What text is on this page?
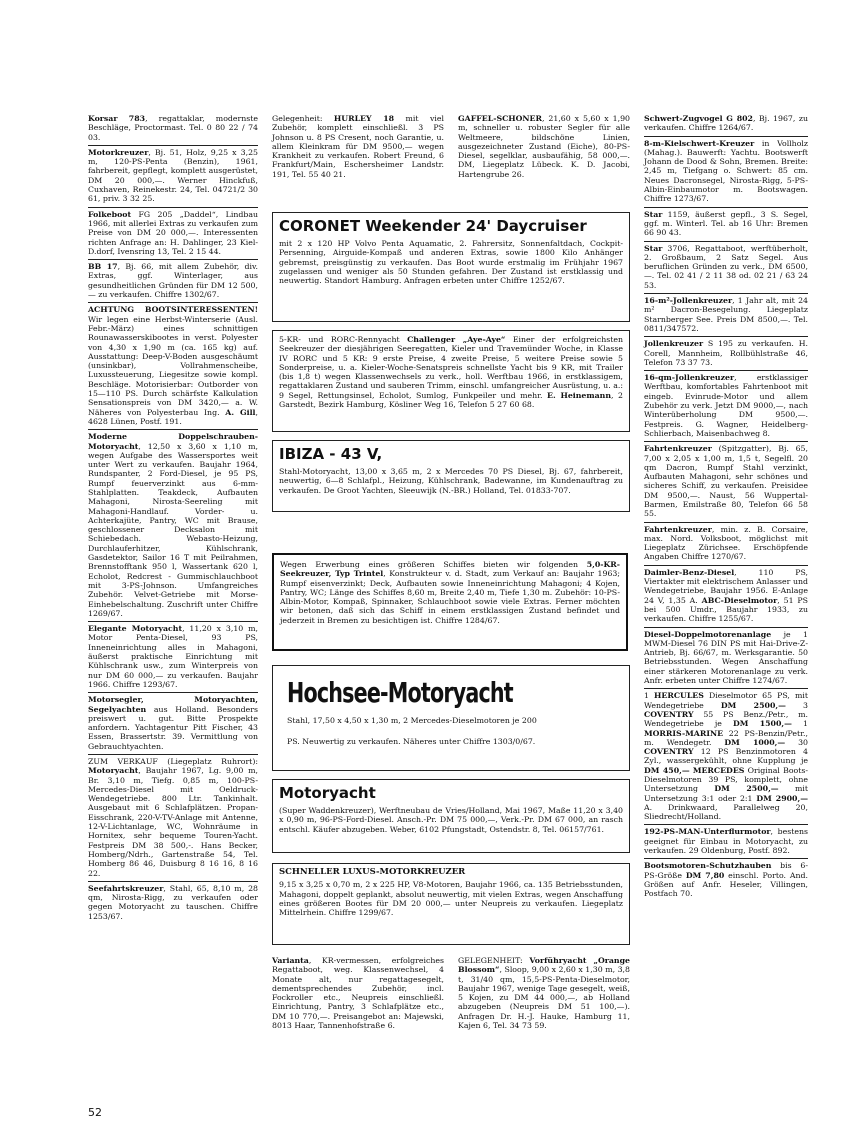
Korsar 783, regattaklar, modernste Beschläge, Proctormast. Tel. 0 80 22 / 74 03.
Motorkreuzer, Bj. 51, Holz, 9,25 x 3,25 m, 120-PS-Penta (Benzin), 1961, fahrbereit, gepflegt, komplett ausgerüstet, DM 20 000,—. Werner Hinckfuß, Cuxhaven, Reinekestr. 24, Tel. 04721/2 30 61, priv. 3 32 25.
Folkeboot FG 205 „Daddel“, Lindbau 1966, mit allerlei Extras zu verkaufen zum Preise von DM 20 000,—. Interessenten richten Anfrage an: H. Dahlinger, 23 Kiel-D.dorf, Ivensring 13, Tel. 2 15 44.
BB 17, Bj. 66, mit allem Zubehör, div. Extras, ggf. Winterlager, aus gesundheitlichen Gründen für DM 12 500,— zu verkaufen. Chiffre 1302/67.
ACHTUNG BOOTSINTERESSENTEN! Wir legen eine Herbst-Winterserie (Ausl. Febr.-März) eines schnittigen Rounawasserskibootes in verst. Polyester von 4,30 x 1,90 m (ca. 165 kg) auf. Ausstattung: Deep-V-Boden ausgeschäumt (unsinkbar), Vollrahmenscheibe, Luxussteuerung, Liegesitze sowie kompl. Beschläge. Motorisierbar: Outborder von 15—110 PS. Durch schärfste Kalkulation Sensationspreis von DM 3420,— a. W. Näheres von Polyesterbau Ing. A. Gill, 4628 Lünen, Postf. 191.
Moderne Doppelschrauben-Motoryacht, 12,50 x 3,60 x 1,10 m, wegen Aufgabe des Wassersportes weit unter Wert zu verkaufen. Baujahr 1964, Rundspanter, 2 Ford-Diesel, je 95 PS, Rumpf feuerverzinkt aus 6-mm-Stahlplatten. Teakdeck, Aufbauten Mahagoni, Nirosta-Seereling mit Mahagoni-Handlauf. Vorder- u. Achterkajüte, Pantry, WC mit Brause, geschlossener Decksalon mit Schiebedach. Webasto-Heizung, Durchlauferhitzer, Kühlschrank, Gasdetektor, Sailor 16 T mit Peilrahmen, Brennstofftank 950 l, Wassertank 620 l, Echolot, Redcrest - Gummischlauchboot mit 3-PS-Johnson. Umfangreiches Zubehör. Velvet-Getriebe mit Morse-Einhebelschaltung. Zuschrift unter Chiffre 1269/67.
Elegante Motoryacht, 11,20 x 3,10 m, Motor Penta-Diesel, 93 PS, Inneneinrichtung alles in Mahagoni, äußerst praktische Einrichtung mit Kühlschrank usw., zum Winterpreis von nur DM 60 000,— zu verkaufen. Baujahr 1966. Chiffre 1293/67.
Motorsegler, Motoryachten, Segelyachten aus Holland. Besonders preiswert u. gut. Bitte Prospekte anfordern. Yachtagentur Pitt Fischer, 43 Essen, Brassertstr. 39. Vermittlung von Gebrauchtyachten.
ZUM VERKAUF (Liegeplatz Ruhrort): Motoryacht, Baujahr 1967, Lg. 9,00 m, Br. 3,10 m, Tiefg. 0,85 m, 100-PS-Mercedes-Diesel mit Oeldruck-Wendegetriebe. 800 Ltr. Tankinhalt. Ausgebaut mit 6 Schlafplätzen. Propan-Eisschrank, 220-V-TV-Anlage mit Antenne, 12-V-Lichtanlage, WC, Wohnräume in Hornitex, sehr bequeme Touren-Yacht. Festpreis DM 38 500,-. Hans Becker, Homberg/Ndrh., Gartenstraße 54, Tel. Homberg 86 46, Duisburg 8 16 16, 8 16 22.
Seefahrtskreuzer, Stahl, 65, 8,10 m, 28 qm, Nirosta-Rigg, zu verkaufen oder gegen Motoryacht zu tauschen. Chiffre 1253/67.
Gelegenheit: HURLEY 18 mit viel Zubehör, komplett einschließl. 3 PS Johnson u. 8 PS Cresent, noch Garantie, u. allem Kleinkram für DM 9500,— wegen Krankheit zu verkaufen. Robert Freund, 6 Frankfurt/Main, Eschersheimer Landstr. 191, Tel. 55 40 21.
GAFFEL-SCHONER, 21,60 x 5,60 x 1,90 m, schneller u. robuster Segler für alle Weltmeere, bildschöne Linien, ausgezeichneter Zustand (Eiche), 80-PS-Diesel, segelklar, ausbaufähig, 58 000,—. DM, Liegeplatz Lübeck. K. D. Jacobi, Hartengrube 26.
CORONET Weekender 24' Daycruiser
mit 2 x 120 HP Volvo Penta Aquamatic, 2. Fahrersitz, Sonnenfaltdach, Cockpit-Persenning, Airguide-Kompaß und anderen Extras, sowie 1800 Kilo Anhänger gebremst, preisgünstig zu verkaufen. Das Boot wurde erstmalig im Frühjahr 1967 zugelassen und weniger als 50 Stunden gefahren. Der Zustand ist erstklassig und neuwertig. Standort Hamburg. Anfragen erbeten unter Chiffre 1252/67.
5-KR- und RORC-Rennyacht Challenger „Aye-Aye“ Einer der erfolgreichsten Seekreuzer der diesjährigen Seeregatten, Kieler und Travemünder Woche, in Klasse IV RORC und 5 KR: 9 erste Preise, 4 zweite Preise, 5 weitere Preise sowie 5 Sonderpreise, u. a. Kieler-Woche-Senatspreis schnellste Yacht bis 9 KR, mit Trailer (bis 1,8 t) wegen Klassenwechsels zu verk., holl. Werftbau 1966, in erstklassigem, regattaklaren Zustand und sauberen Trimm, einschl. umfangreicher Ausrüstung, u. a.: 9 Segel, Rettungsinsel, Echolot, Sumlog, Funkpeiler und mehr. E. Heinemann, 2 Garstedt, Bezirk Hamburg, Kösliner Weg 16, Telefon 5 27 60 68.
IBIZA - 43 V,
Stahl-Motoryacht, 13,00 x 3,65 m, 2 x Mercedes 70 PS Diesel, Bj. 67, fahrbereit, neuwertig, 6—8 Schlafpl., Heizung, Kühlschrank, Badewanne, im Kundenauftrag zu verkaufen. De Groot Yachten, Sleeuwijk (N.-BR.) Holland, Tel. 01833-707.
Wegen Erwerbung eines größeren Schiffes bieten wir folgenden 5,0-KR-Seekreuzer, Typ Trintel, Konstrukteur v. d. Stadt, zum Verkauf an: Baujahr 1963; Rumpf eisenverzinkt; Deck, Aufbauten sowie Inneneinrichtung Mahagoni; 4 Kojen, Pantry, WC; Länge des Schiffes 8,60 m, Breite 2,40 m, Tiefe 1,30 m. Zubehör: 10-PS-Albin-Motor, Kompaß, Spinnaker, Schlauchboot sowie viele Extras. Ferner möchten wir betonen, daß sich das Schiff in einem erstklassigen Zustand befindet und jederzeit in Bremen zu besichtigen ist. Chiffre 1284/67.
Hochsee-Motoryacht
Stahl, 17,50 x 4,50 x 1,30 m, 2 Mercedes-Dieselmotoren je 200
PS. Neuwertig zu verkaufen. Näheres unter Chiffre 1303/0/67.
Motoryacht
(Super Waddenkreuzer), Werftneubau de Vries/Holland, Mai 1967, Maße 11,20 x 3,40 x 0,90 m, 96-PS-Ford-Diesel. Ansch.-Pr. DM 75 000,—, Verk.-Pr. DM 67 000, an rasch entschl. Käufer abzugeben. Weber, 6102 Pfungstadt, Ostendstr. 8, Tel. 06157/761.
SCHNELLER LUXUS-MOTORKREUZER
9,15 x 3,25 x 0,70 m, 2 x 225 HP, V8-Motoren, Baujahr 1966, ca. 135 Betriebsstunden, Mahagoni, doppelt geplankt, absolut neuwertig, mit vielen Extras, wegen Anschaffung eines größeren Bootes für DM 20 000,— unter Neupreis zu verkaufen. Liegeplatz Mittelrhein. Chiffre 1299/67.
Varianta, KR-vermessen, erfolgreiches Regattaboot, weg. Klassenwechsel, 4 Monate alt, nur regattagesegelt, dementsprechendes Zubehör, incl. Fockroller etc., Neupreis einschließl. Einrichtung, Pantry, 3 Schlafplätze etc., DM 10 770,—. Preisangebot an: Majewski, 8013 Haar, Tannenhofstraße 6.
GELEGENHEIT: Vorführyacht „Orange Blossom“, Sloop, 9,00 x 2,60 x 1,30 m, 3,8 t, 31/40 qm, 15,5-PS-Penta-Dieselmotor, Baujahr 1967, wenige Tage gesegelt, weiß, 5 Kojen, zu DM 44 000,—, ab Holland abzugeben (Neupreis DM 51 100,—). Anfragen Dr. H.-J. Hauke, Hamburg 11, Kajen 6, Tel. 34 73 59.
Schwert-Zugvogel G 802, Bj. 1967, zu verkaufen. Chiffre 1264/67.
8-m-Kielschwert-Kreuzer in Vollholz (Mahag.). Bauwerft: Yachtu. Bootswerft Johann de Dood & Sohn, Bremen. Breite: 2,45 m, Tiefgang o. Schwert: 85 cm. Neues Dacronsegel, Nirosta-Rigg, 5-PS-Albin-Einbaumotor m. Bootswagen. Chiffre 1273/67.
Star 1159, äußerst gepfl., 3 S. Segel, ggf. m. Winterl. Tel. ab 16 Uhr: Bremen 66 90 43.
Star 3706, Regattaboot, werftüberholt, 2. Großbaum, 2 Satz Segel. Aus beruflichen Gründen zu verk., DM 6500,—. Tel. 02 41 / 2 11 38 od. 02 21 / 63 24 53.
16-m²-Jollenkreuzer, 1 Jahr alt, mit 24 m² Dacron-Besegelung. Liegeplatz Starnberger See. Preis DM 8500,—. Tel. 0811/347572.
Jollenkreuzer S 195 zu verkaufen. H. Corell, Mannheim, Rollbühlstraße 46, Telefon 73 37 73.
16-qm-Jollenkreuzer, erstklassiger Werftbau, komfortables Fahrtenboot mit eingeb. Evinrude-Motor und allem Zubehör zu verk. Jetzt DM 9000,—, nach Winterüberholung DM 9500,—. Festpreis. G. Wagner, Heidelberg-Schlierbach, Maisenbachweg 8.
Fahrtenkreuzer (Spitzgatter), Bj. 65, 7,00 x 2,05 x 1,00 m, 1,5 t, Segelfl. 20 qm Dacron, Rumpf Stahl verzinkt, Aufbauten Mahagoni, sehr schönes und sicheres Schiff, zu verkaufen. Preisidee DM 9500,—. Naust, 56 Wuppertal-Barmen, Emilstraße 80, Telefon 66 58 55.
Fahrtenkreuzer, min. z. B. Corsaire, max. Nord. Volksboot, möglichst mit Liegeplatz Zürichsee. Erschöpfende Angaben Chiffre 1270/67.
Daimler-Benz-Diesel, 110 PS, Viertakter mit elektrischem Anlasser und Wendegetriebe, Baujahr 1956. E-Anlage 24 V, 1,35 A. ABC-Dieselmotor, 51 PS bei 500 Umdr., Baujahr 1933, zu verkaufen. Chiffre 1255/67.
Diesel-Doppelmotorenanlage je 1 MWM-Diesel 76 DIN PS mit Hai-Drive-Z-Antrieb, Bj. 66/67, m. Werksgarantie. 50 Betriebsstunden. Wegen Anschaffung einer stärkeren Motorenanlage zu verk. Anfr. erbeten unter Chiffre 1274/67.
1 HERCULES Dieselmotor 65 PS, mit Wendegetriebe DM 2500,— 3 COVENTRY 55 PS Benz./Petr., m. Wendegetriebe je DM 1500,— 1 MORRIS-MARINE 22 PS-Benzin/Petr., m. Wendegetr. DM 1000,— 30 COVENTRY 12 PS Benzinmotoren 4 Zyl., wassergekühlt, ohne Kupplung je DM 450,— MERCEDES Original Boots-Dieselmotoren 39 PS, komplett, ohne Untersetzung DM 2500,— mit Untersetzung 3:1 oder 2:1 DM 2900,— A. Drinkwaard, Parallelweg 20, Sliedrecht/Holland.
192-PS-MAN-Unterflurmotor, bestens geeignet für Einbau in Motoryacht, zu verkaufen. 29 Oldenburg, Postf. 892.
Bootsmotoren-Schutzhauben bis 6-PS-Größe DM 7,80 einschl. Porto. And. Größen auf Anfr. Heseler, Villingen, Postfach 70.
52
